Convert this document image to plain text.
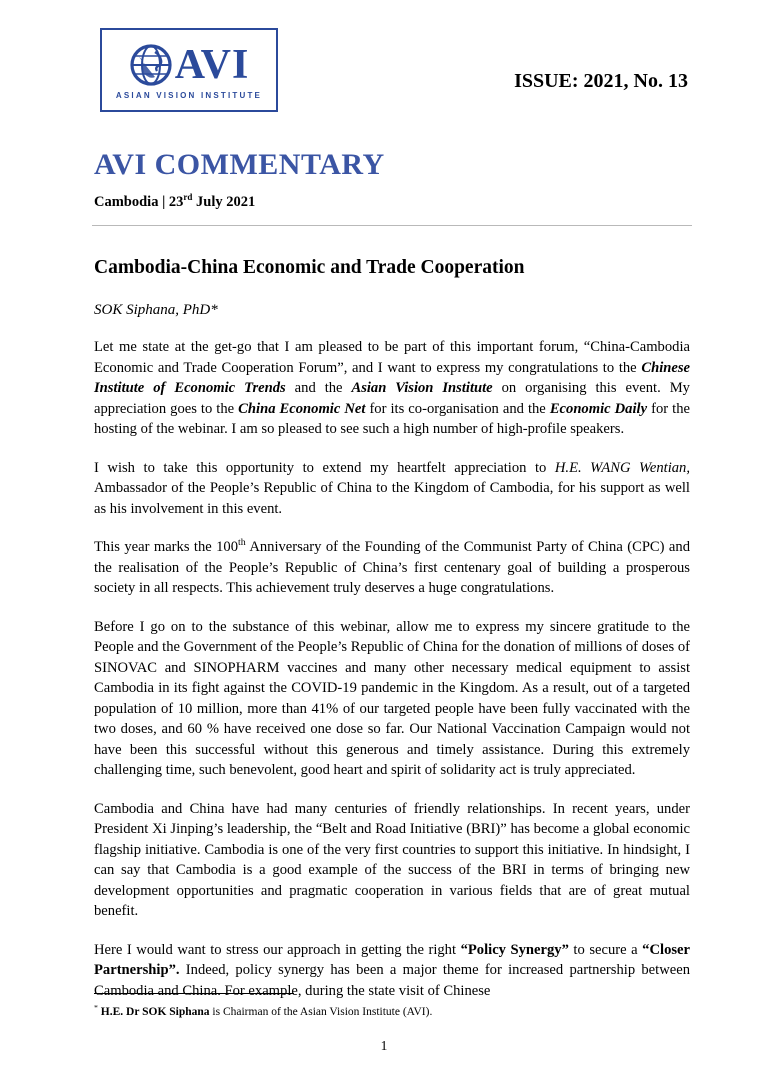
AVI
ASIAN VISION INSTITUTE
ISSUE: 2021, No. 13
AVI COMMENTARY
Cambodia | 23rd July 2021
Cambodia-China Economic and Trade Cooperation
SOK Siphana, PhD*

Let me state at the get-go that I am pleased to be part of this important forum, “China-Cambodia Economic and Trade Cooperation Forum”, and I want to express my congratulations to the Chinese Institute of Economic Trends and the Asian Vision Institute on organising this event. My appreciation goes to the China Economic Net for its co-organisation and the Economic Daily for the hosting of the webinar. I am so pleased to see such a high number of high-profile speakers.

I wish to take this opportunity to extend my heartfelt appreciation to H.E. WANG Wentian, Ambassador of the People’s Republic of China to the Kingdom of Cambodia, for his support as well as his involvement in this event.

This year marks the 100th Anniversary of the Founding of the Communist Party of China (CPC) and the realisation of the People’s Republic of China’s first centenary goal of building a prosperous society in all respects. This achievement truly deserves a huge congratulations.

Before I go on to the substance of this webinar, allow me to express my sincere gratitude to the People and the Government of the People’s Republic of China for the donation of millions of doses of SINOVAC and SINOPHARM vaccines and many other necessary medical equipment to assist Cambodia in its fight against the COVID-19 pandemic in the Kingdom. As a result, out of a targeted population of 10 million, more than 41% of our targeted people have been fully vaccinated with the two doses, and 60 % have received one dose so far. Our National Vaccination Campaign would not have been this successful without this generous and timely assistance. During this extremely challenging time, such benevolent, good heart and spirit of solidarity act is truly appreciated.

Cambodia and China have had many centuries of friendly relationships. In recent years, under President Xi Jinping’s leadership, the “Belt and Road Initiative (BRI)” has become a global economic flagship initiative. Cambodia is one of the very first countries to support this initiative. In hindsight, I can say that Cambodia is a good example of the success of the BRI in terms of bringing new development opportunities and pragmatic cooperation in various fields that are of great mutual benefit.

Here I would want to stress our approach in getting the right “Policy Synergy” to secure a “Closer Partnership”. Indeed, policy synergy has been a major theme for increased partnership between Cambodia and China. For example, during the state visit of Chinese

* H.E. Dr SOK Siphana is Chairman of the Asian Vision Institute (AVI).
1
